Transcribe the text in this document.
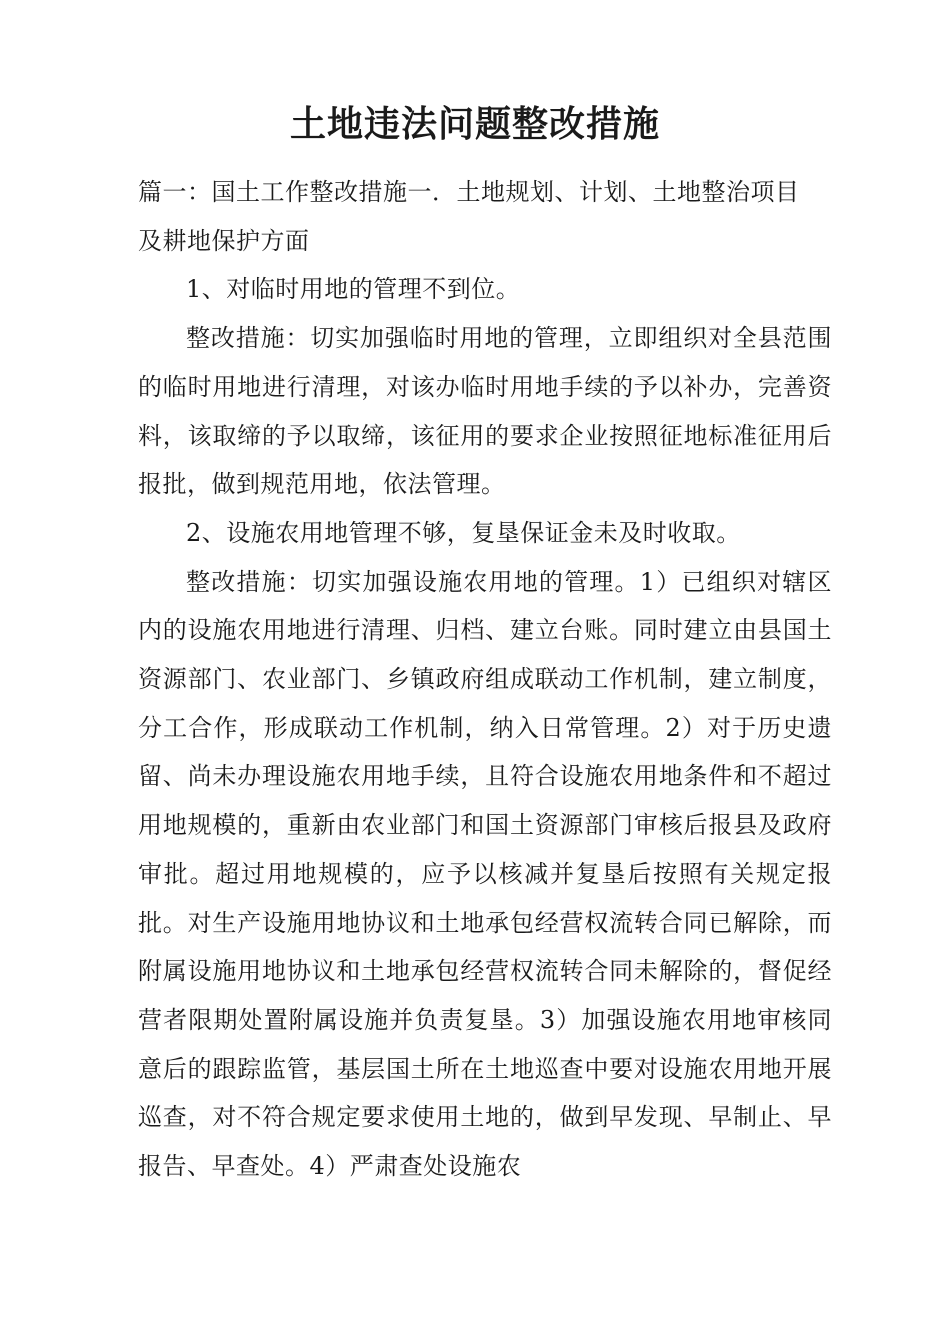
土地违法问题整改措施

篇一：国土工作整改措施一．土地规划、计划、土地整治项目

及耕地保护方面

1、对临时用地的管理不到位。

整改措施：切实加强临时用地的管理，立即组织对全县范围的临时用地进行清理，对该办临时用地手续的予以补办，完善资料，该取缔的予以取缔，该征用的要求企业按照征地标准征用后报批，做到规范用地，依法管理。

2、设施农用地管理不够，复垦保证金未及时收取。

整改措施：切实加强设施农用地的管理。1）已组织对辖区内的设施农用地进行清理、归档、建立台账。同时建立由县国土资源部门、农业部门、乡镇政府组成联动工作机制，建立制度，分工合作，形成联动工作机制，纳入日常管理。2）对于历史遗留、尚未办理设施农用地手续，且符合设施农用地条件和不超过用地规模的，重新由农业部门和国土资源部门审核后报县及政府审批。超过用地规模的，应予以核减并复垦后按照有关规定报批。对生产设施用地协议和土地承包经营权流转合同已解除，而附属设施用地协议和土地承包经营权流转合同未解除的，督促经营者限期处置附属设施并负责复垦。3）加强设施农用地审核同意后的跟踪监管，基层国土所在土地巡查中要对设施农用地开展巡查，对不符合规定要求使用土地的，做到早发现、早制止、早报告、早查处。4）严肃查处设施农
